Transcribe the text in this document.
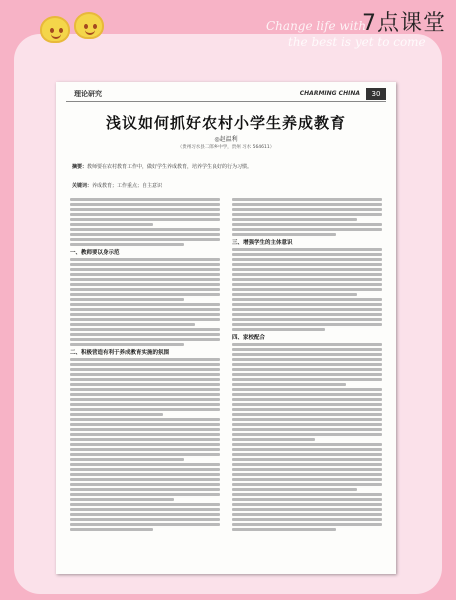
Change life with
the best is yet to come
7点课堂
理论研究	CHARMING CHINA	30
浅议如何抓好农村小学生养成教育
◎赵温利
（贵州习水县二郎乡中学，贵州 习水 564611）
摘要：教师要在农村教育工作中，做好学生养成教育，培养学生良好的行为习惯。
关键词：养成教育；工作重点；自主意识
一、教师要以身示范
二、积极营造有利于养成教育实施的氛围
三、增强学生的主体意识
四、家校配合
